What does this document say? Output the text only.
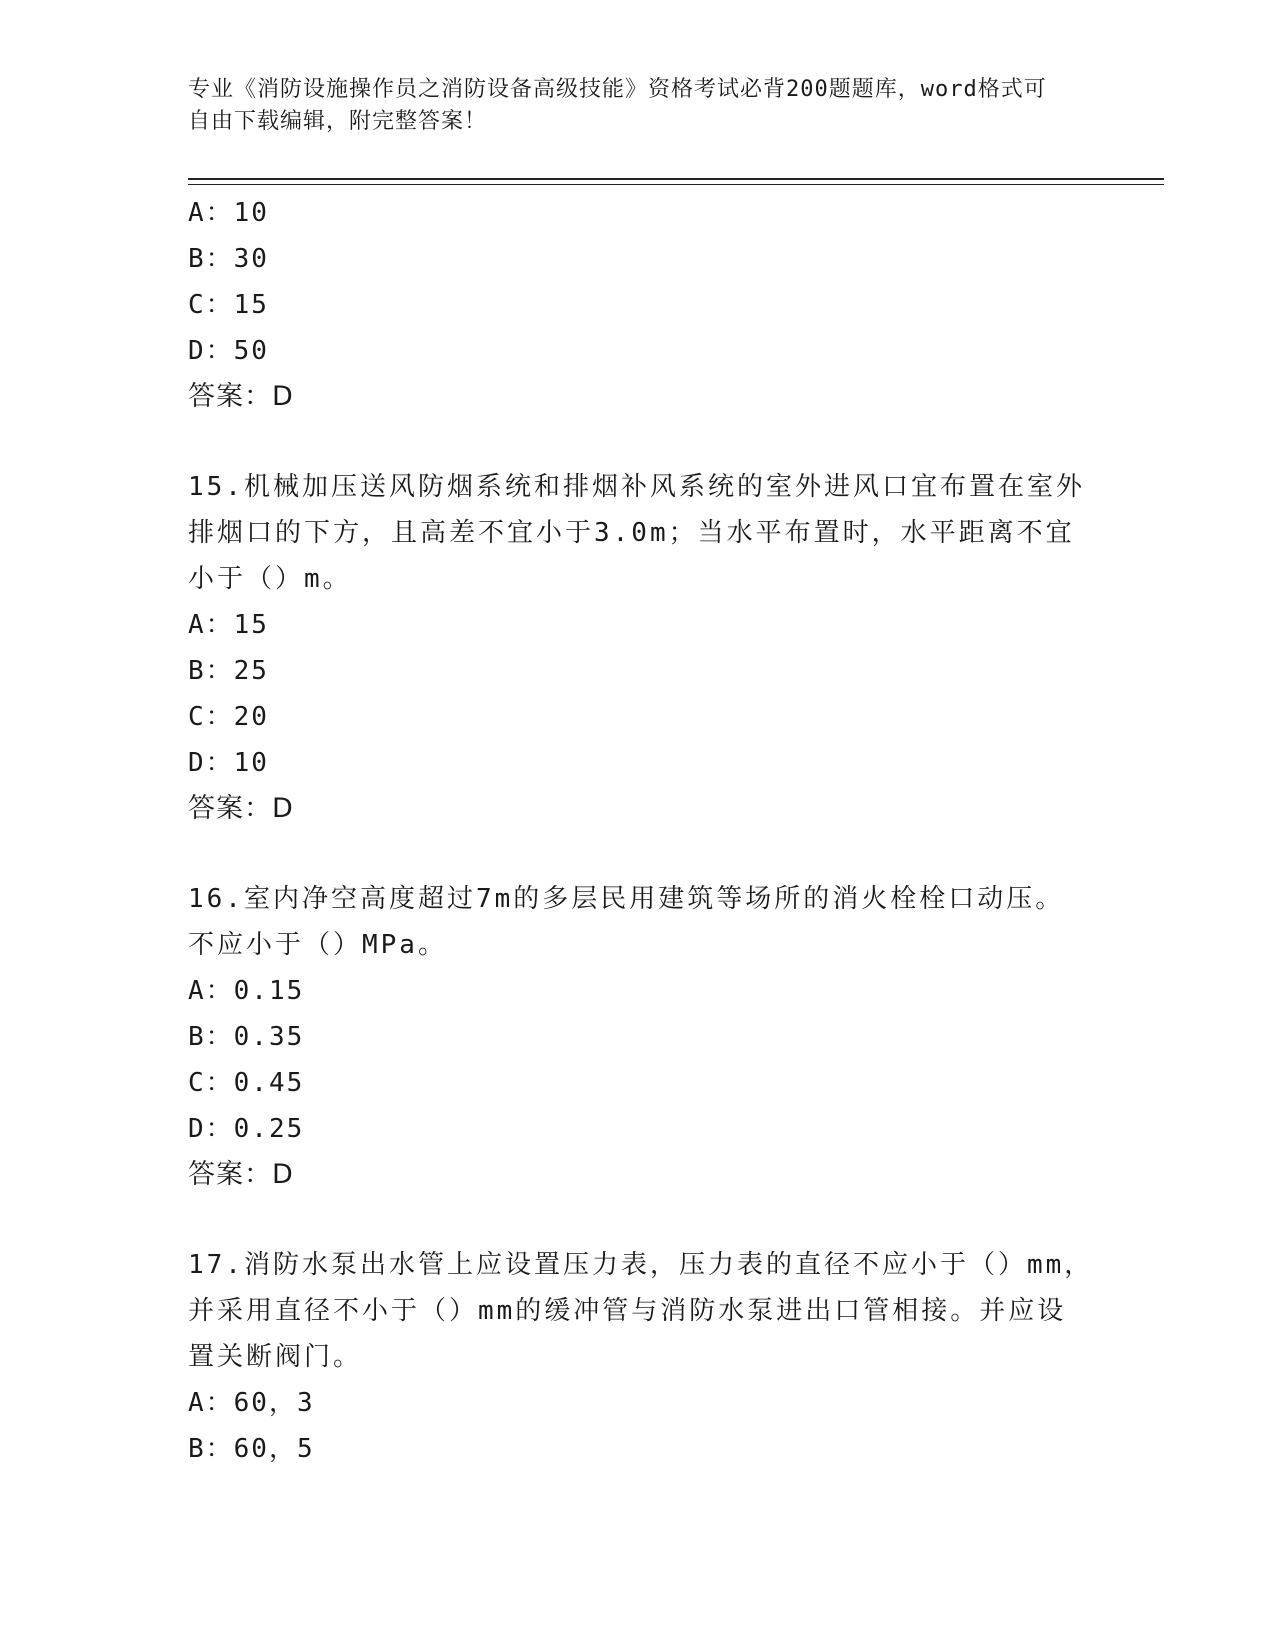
专业《消防设施操作员之消防设备高级技能》资格考试必背200题题库，word格式可自由下载编辑，附完整答案！
A：10
B：30
C：15
D：50
答案：D
15.机械加压送风防烟系统和排烟补风系统的室外进风口宜布置在室外
排烟口的下方，且高差不宜小于3.0m；当水平布置时，水平距离不宜
小于（）m。
A：15
B：25
C：20
D：10
答案：D
16.室内净空高度超过7m的多层民用建筑等场所的消火栓栓口动压。
不应小于（）MPa。
A：0.15
B：0.35
C：0.45
D：0.25
答案：D
17.消防水泵出水管上应设置压力表，压力表的直径不应小于（）mm，
并采用直径不小于（）mm的缓冲管与消防水泵进出口管相接。并应设
置关断阀门。
A：60，3
B：60，5
